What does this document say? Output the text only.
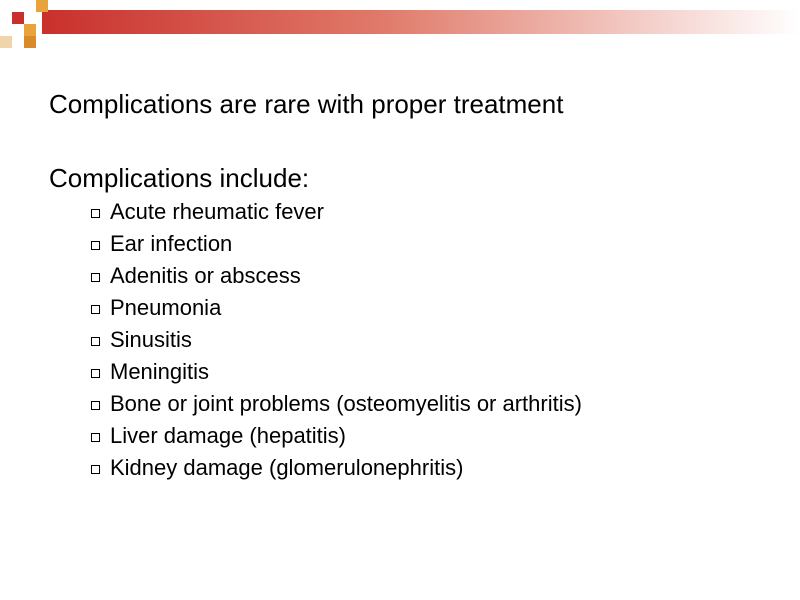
Complications are rare with proper treatment

Complications include:

Acute rheumatic fever
Ear infection
Adenitis or abscess
Pneumonia
Sinusitis
Meningitis
Bone or joint problems (osteomyelitis or arthritis)
Liver damage (hepatitis)
Kidney damage (glomerulonephritis)
